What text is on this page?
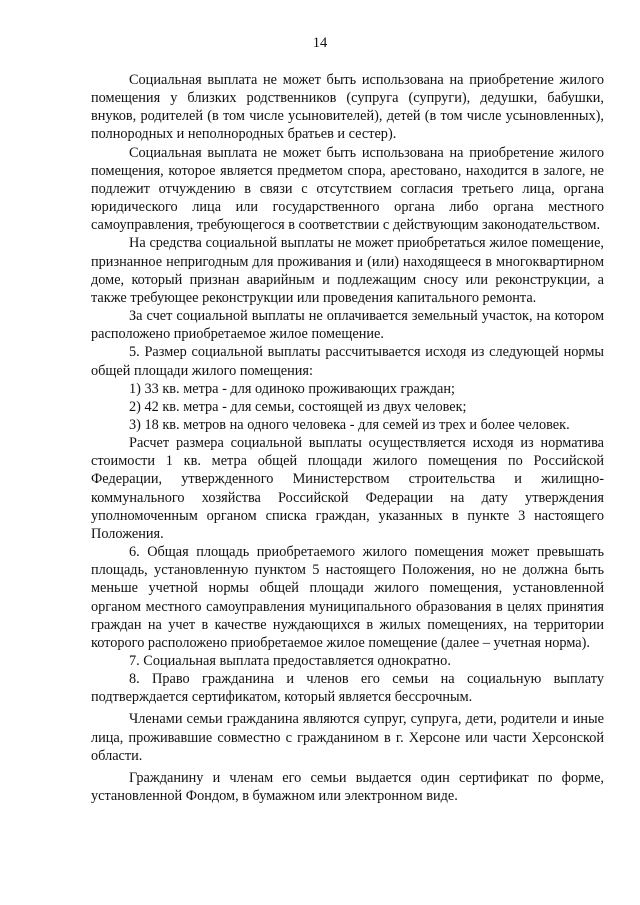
14

Социальная выплата не может быть использована на приобретение жилого помещения у близких родственников (супруга (супруги), дедушки, бабушки, внуков, родителей (в том числе усыновителей), детей (в том числе усыновленных), полнородных и неполнородных братьев и сестер).

Социальная выплата не может быть использована на приобретение жилого помещения, которое является предметом спора, арестовано, находится в залоге, не подлежит отчуждению в связи с отсутствием согласия третьего лица, органа юридического лица или государственного органа либо органа местного самоуправления, требующегося в соответствии с действующим законодательством.

На средства социальной выплаты не может приобретаться жилое помещение, признанное непригодным для проживания и (или) находящееся в многоквартирном доме, который признан аварийным и подлежащим сносу или реконструкции, а также требующее реконструкции или проведения капитального ремонта.

За счет социальной выплаты не оплачивается земельный участок, на котором расположено приобретаемое жилое помещение.

5. Размер социальной выплаты рассчитывается исходя из следующей нормы общей площади жилого помещения:

1) 33 кв. метра - для одиноко проживающих граждан;

2) 42 кв. метра - для семьи, состоящей из двух человек;

3) 18 кв. метров на одного человека - для семей из трех и более человек.

Расчет размера социальной выплаты осуществляется исходя из норматива стоимости 1 кв. метра общей площади жилого помещения по Российской Федерации, утвержденного Министерством строительства и жилищно-коммунального хозяйства Российской Федерации на дату утверждения уполномоченным органом списка граждан, указанных в пункте 3 настоящего Положения.

6. Общая площадь приобретаемого жилого помещения может превышать площадь, установленную пунктом 5 настоящего Положения, но не должна быть меньше учетной нормы общей площади жилого помещения, установленной органом местного самоуправления муниципального образования в целях принятия граждан на учет в качестве нуждающихся в жилых помещениях, на территории которого расположено приобретаемое жилое помещение (далее – учетная норма).

7. Социальная выплата предоставляется однократно.

8. Право гражданина и членов его семьи на социальную выплату подтверждается сертификатом, который является бессрочным.

Членами семьи гражданина являются супруг, супруга, дети, родители и иные лица, проживавшие совместно с гражданином в г. Херсоне или части Херсонской области.

Гражданину и членам его семьи выдается один сертификат по форме, установленной Фондом, в бумажном или электронном виде.
